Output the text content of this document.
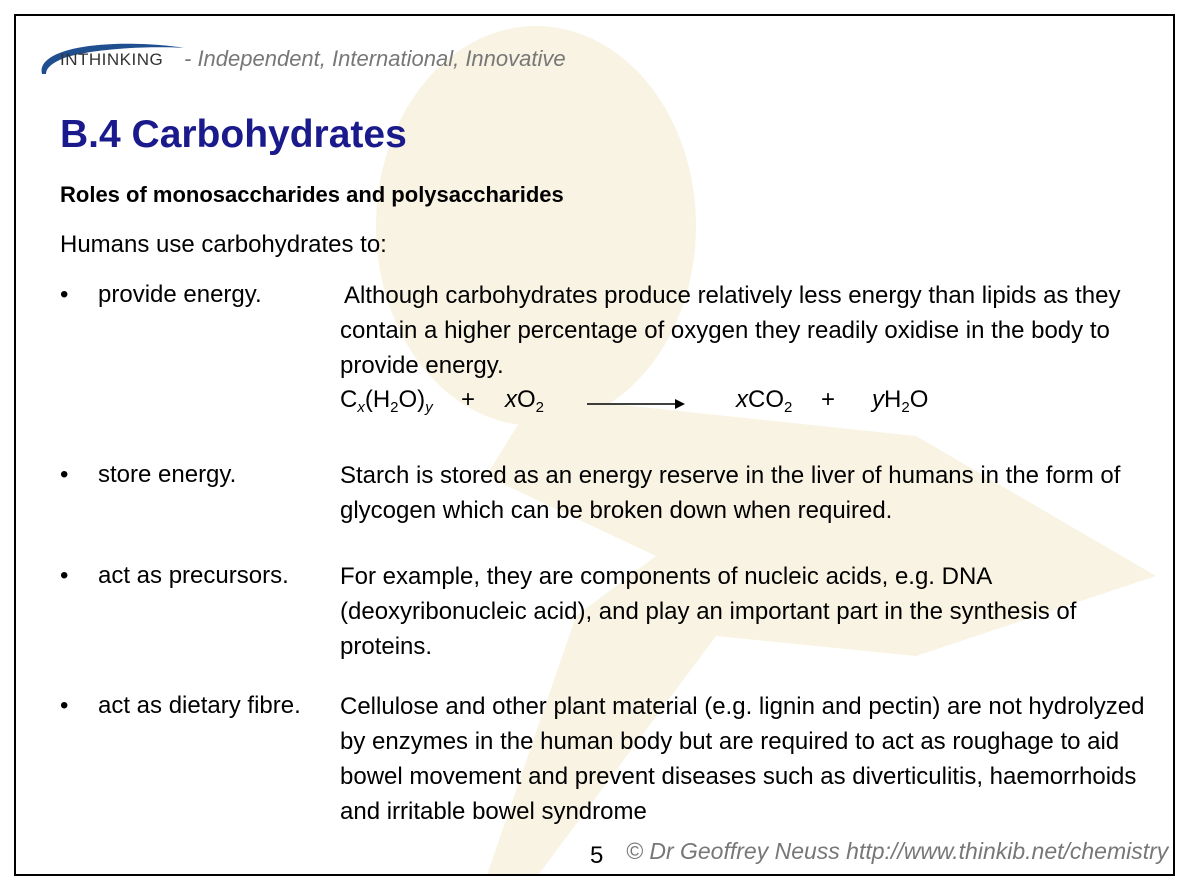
INTHINKING - Independent, International, Innovative
B.4 Carbohydrates
Roles of monosaccharides and polysaccharides
Humans use carbohydrates to:
• provide energy.	Although carbohydrates produce relatively less energy than lipids as they contain a higher percentage of oxygen they readily oxidise in the body to provide energy.
$C_x(H_2O)_y + xO_2$	$xCO_2 + yH_2O$
• store energy.	Starch is stored as an energy reserve in the liver of humans in the form of glycogen which can be broken down when required.
• act as precursors. For example, they are components of nucleic acids, e.g. DNA (deoxyribonucleic acid), and play an important part in the synthesis of proteins.
• act as dietary fibre. Cellulose and other plant material (e.g. lignin and pectin) are not hydrolyzed by enzymes in the human body but are required to act as roughage to aid bowel movement and prevent diseases such as diverticulitis, haemorrhoids and irritable bowel syndrome
5 © Dr Geoffrey Neuss http://www.thinkib.net/chemistry
